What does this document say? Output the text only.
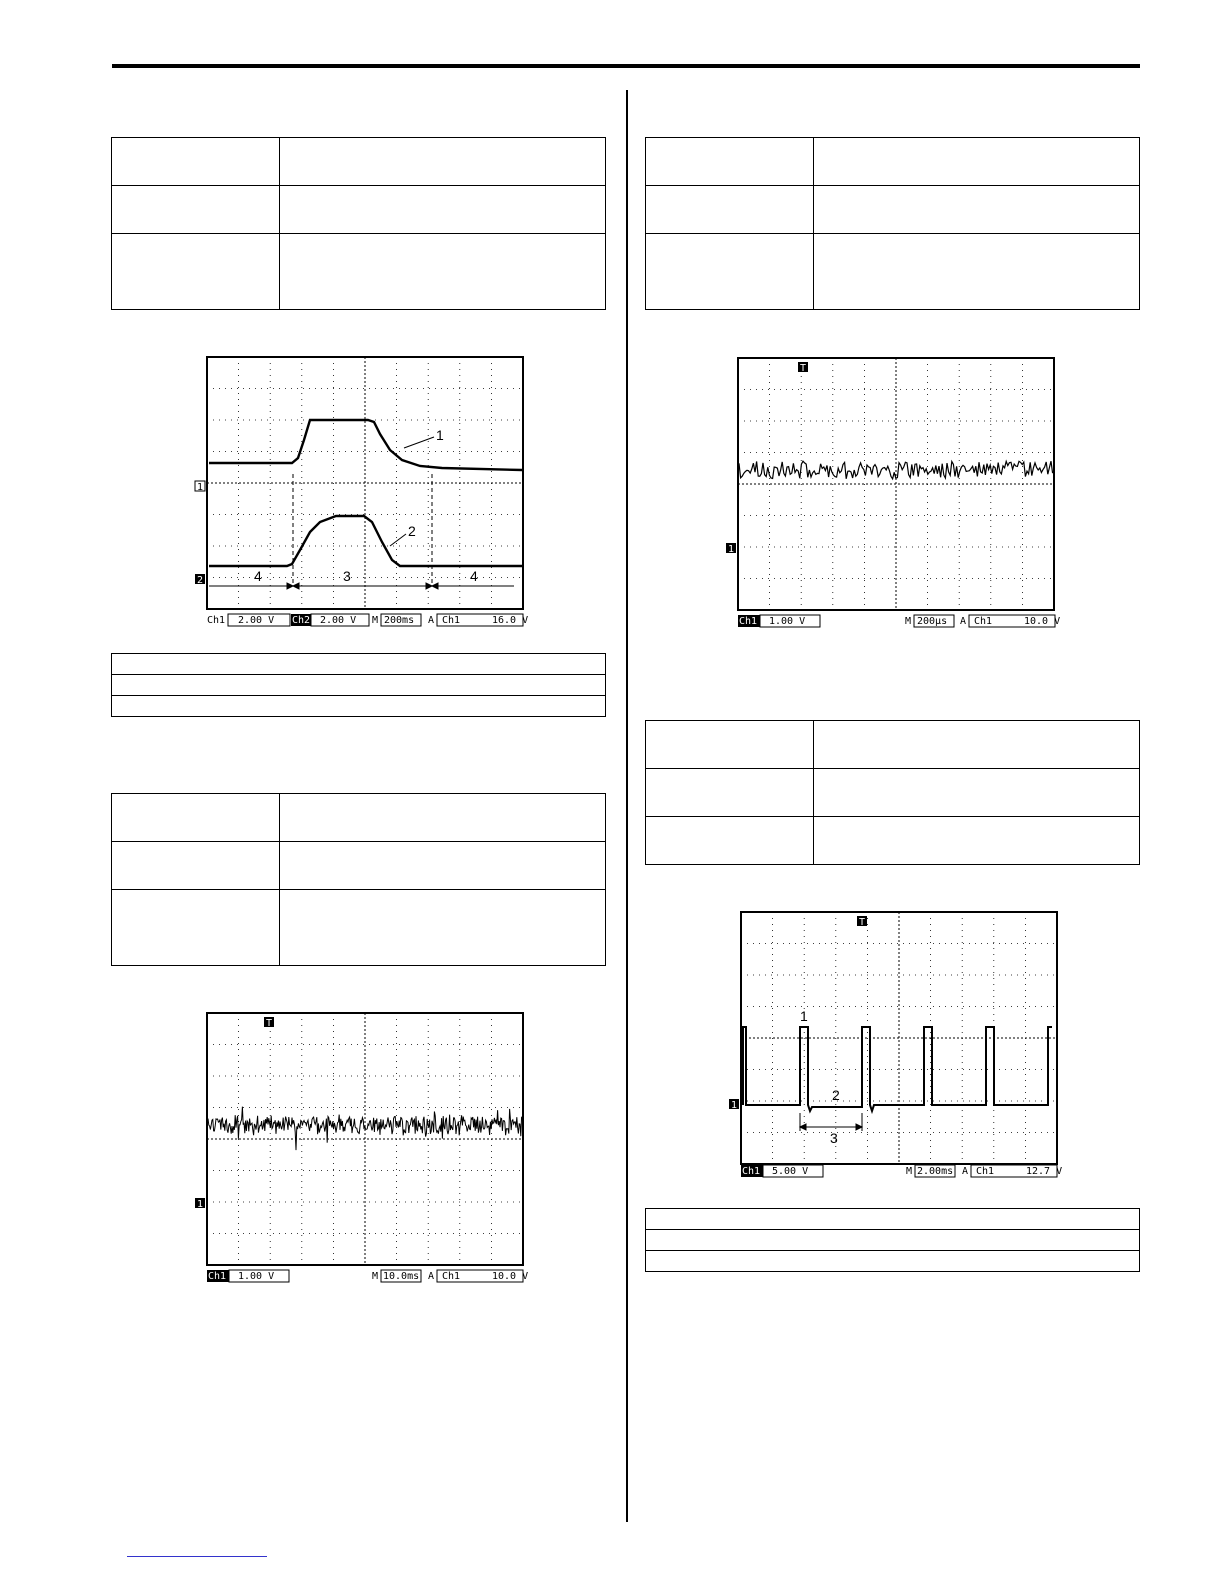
1
2
3
4	4
1
2
Ch1 2.00 V Ch2 2.00 V M 200ms A Ch1	16.0 V

T
1
Ch1 1.00 V	M 10.0ms A Ch1	10.0 V

T
1
Ch1 1.00 V	M 200µs A Ch1	10.0 V

1
2
3
T
1
Ch1 5.00 V	M 2.00ms A Ch1	12.7 V
